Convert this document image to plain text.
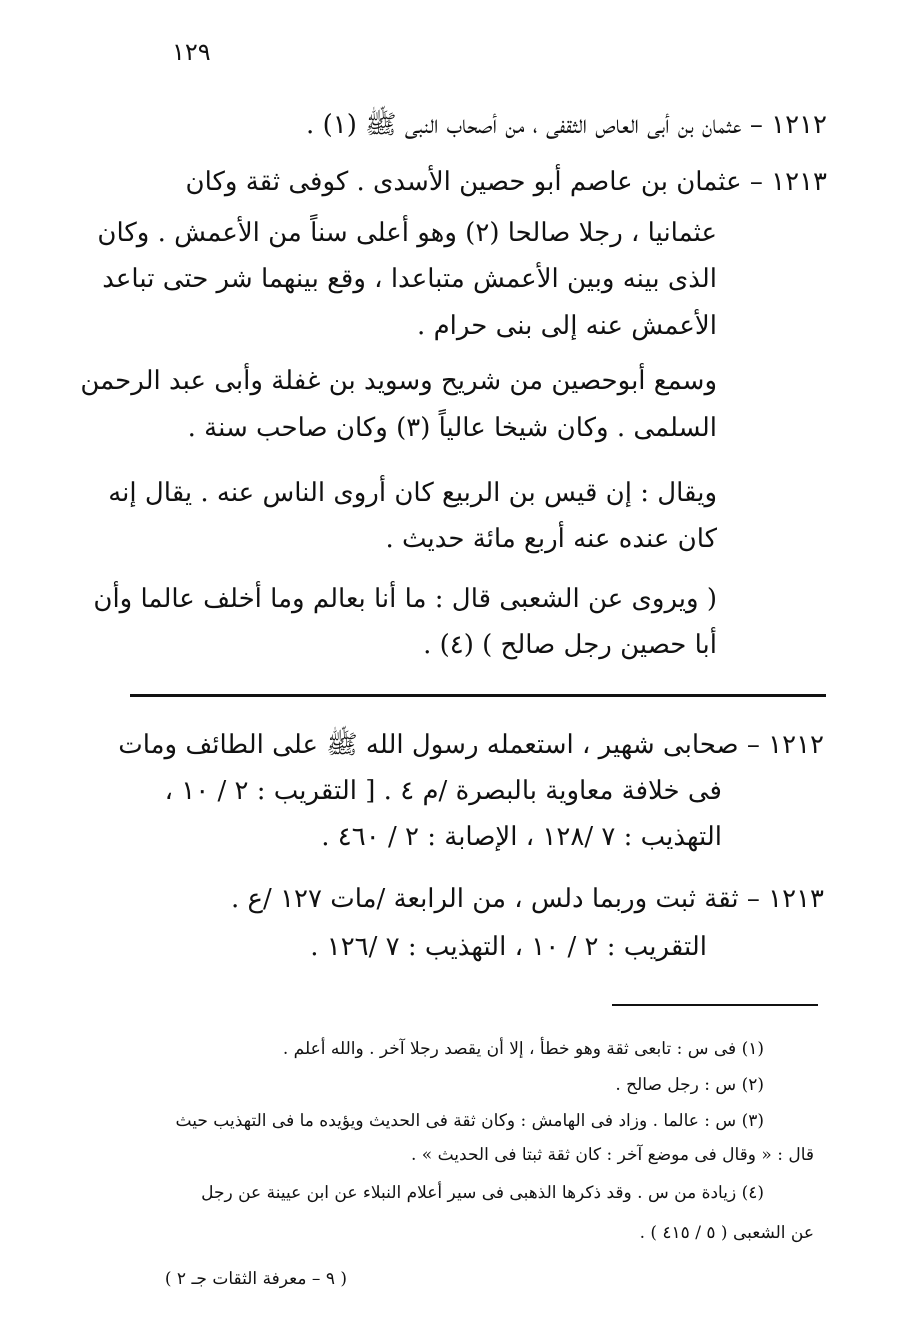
١٢٩
١٢١٢ – عثمان بن أبى العاص الثقفى ، من أصحاب النبى ﷺ (١) .
١٢١٣ – عثمان بن عاصم أبو حصين الأسدى . كوفى ثقة وكان
عثمانيا ، رجلا صالحا (٢) وهو أعلى سناً من الأعمش . وكان
الذى بينه وبين الأعمش متباعدا ، وقع بينهما شر حتى تباعد
الأعمش عنه إلى بنى حرام .
وسمع أبوحصين من شريح وسويد بن غفلة وأبى عبد الرحمن
السلمى . وكان شيخا عالياً (٣) وكان صاحب سنة .
ويقال : إن قيس بن الربيع كان أروى الناس عنه . يقال إنه
كان عنده عنه أربع مائة حديث .
( ويروى عن الشعبى قال : ما أنا بعالم وما أخلف عالما وأن
أبا حصين رجل صالح ) (٤) .
١٢١٢ – صحابى شهير ، استعمله رسول الله ﷺ على الطائف ومات
فى خلافة معاوية بالبصرة /م ٤ . [ التقريب : ٢ / ١٠ ،
التهذيب : ٧ /١٢٨ ، الإصابة : ٢ / ٤٦٠ .
١٢١٣ – ثقة ثبت وربما دلس ، من الرابعة /مات ١٢٧ /ع .
التقريب : ٢ / ١٠ ، التهذيب : ٧ /١٢٦ .
(١) فى س : تابعى ثقة وهو خطأ ، إلا أن يقصد رجلا آخر . والله أعلم .
(٢) س : رجل صالح .
(٣) س : عالما . وزاد فى الهامش : وكان ثقة فى الحديث ويؤيده ما فى التهذيب حيث
قال : « وقال فى موضع آخر : كان ثقة ثبتا فى الحديث » .
(٤) زيادة من س . وقد ذكرها الذهبى فى سير أعلام النبلاء عن ابن عيينة عن رجل
عن الشعبى ( ٥ / ٤١٥ ) .
( ٩ – معرفة الثقات جـ ٢ )
